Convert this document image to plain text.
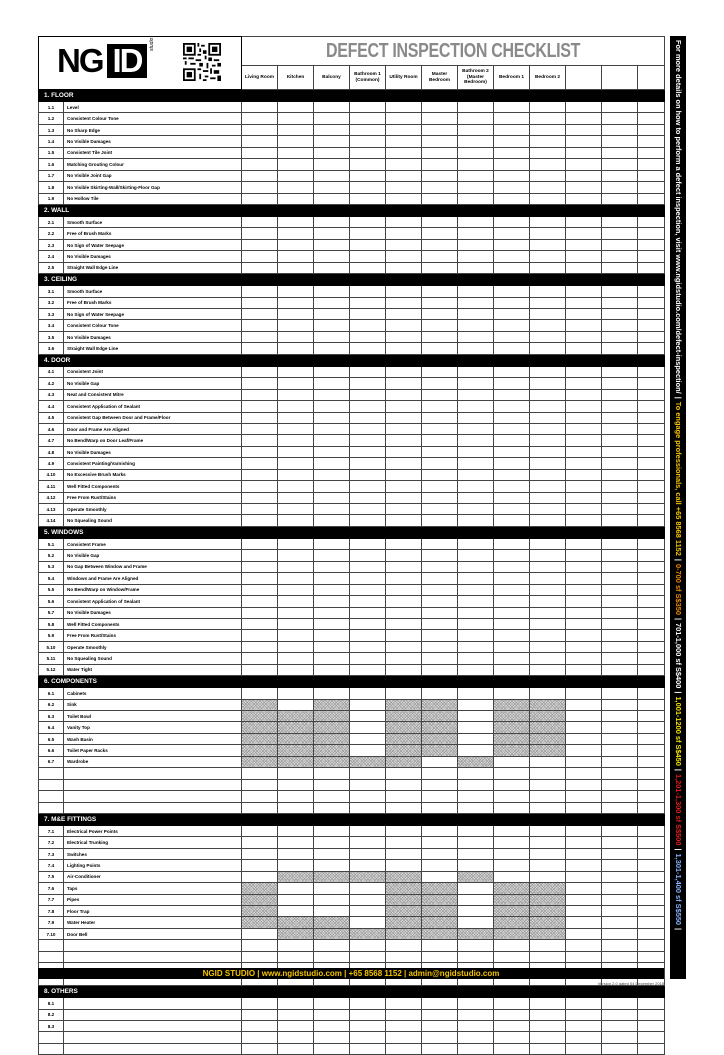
NG ID studio		DEFECT INSPECTION CHECKLIST											
		Living Room	Kitchen	Balcony	Bathroom 1 (Common)	Utility Room	Master Bedroom	Bathroom 2 (Master Bedroom)	Bedroom 1	Bedroom 2			
1. FLOOR													
1.1	Level												
1.2	Consistent Colour Tone												
1.3	No Sharp Edge												
1.4	No Visible Damages												
1.5	Consistent Tile Joint												
1.6	Matching Grouting Colour												
1.7	No Visible Joint Gap												
1.8	No Visible Skirting-Wall/Skirting-Floor Gap												
1.9	No Hollow Tile												
2. WALL													
2.1	Smooth Surface												
2.2	Free of Brush Marks												
2.3	No Sign of Water Seepage												
2.4	No Visible Damages												
2.5	Straight Wall Edge Line												
3. CEILING													
3.1	Smooth Surface												
3.2	Free of Brush Marks												
3.3	No Sign of Water Seepage												
3.4	Consistent Colour Tone												
3.5	No Visible Damages												
3.6	Straight Wall Edge Line												
4. DOOR													
4.1	Consistent Joint												
4.2	No Visible Gap												
4.3	Neat and Consistent Mitre												
4.4	Consistent Application of Sealant												
4.5	Consistent Gap Between Door and Frame/Floor												
4.6	Door and Frame Are Aligned												
4.7	No Bend/Warp on Door Leaf/Frame												
4.8	No Visible Damages												
4.9	Consistent Painting/Varnishing												
4.10	No Excessive Brush Marks												
4.11	Well Fitted Components												
4.12	Free From Rust/Stains												
4.13	Operate Smoothly												
4.14	No Squealing Sound												
5. WINDOWS													
5.1	Consistent Frame												
5.2	No Visible Gap												
5.3	No Gap Between Window and Frame												
5.4	Windows and Frame Are Aligned												
5.5	No Bend/Warp on Window/Frame												
5.6	Consistent Application of Sealant												
5.7	No Visible Damages												
5.8	Well Fitted Components												
5.9	Free From Rust/Stains												
5.10	Operate Smoothly												
5.11	No Squealing Sound												
5.12	Water Tight												
6. COMPONENTS													
6.1	Cabinets												
6.2	Sink												
6.3	Toilet Bowl												
6.4	Vanity Top												
6.5	Wash Basin												
6.6	Toilet Paper Racks												
6.7	Wardrobe												

7. M&E FITTINGS													
7.1	Electrical Power Points												
7.2	Electrical Trunking												
7.3	Switches												
7.4	Lighting Points												
7.5	Air-Conditioner												
7.6	Taps												
7.7	Pipes												
7.8	Floor Trap												
7.9	Water Heater												
7.10	Door Bell												

8. OTHERS													
8.1													
8.2													
8.3													

NGID STUDIO | www.ngidstudio.com | +65 8568 1152 | admin@ngidstudio.com
Version 2.0 dated 04 December 2018
ALL RIGHTS RESERVED
For more details on how to perform a defect inspection, visit www.ngidstudio.com/defect-inspection/|To engage professionals, call +65 8568 1152|0-700 sf S$350|701-1,000 sf S$400|1,001-1200 sf S$450|1,201-1,300 sf S$500|1,301-1,400 sf S$550|
